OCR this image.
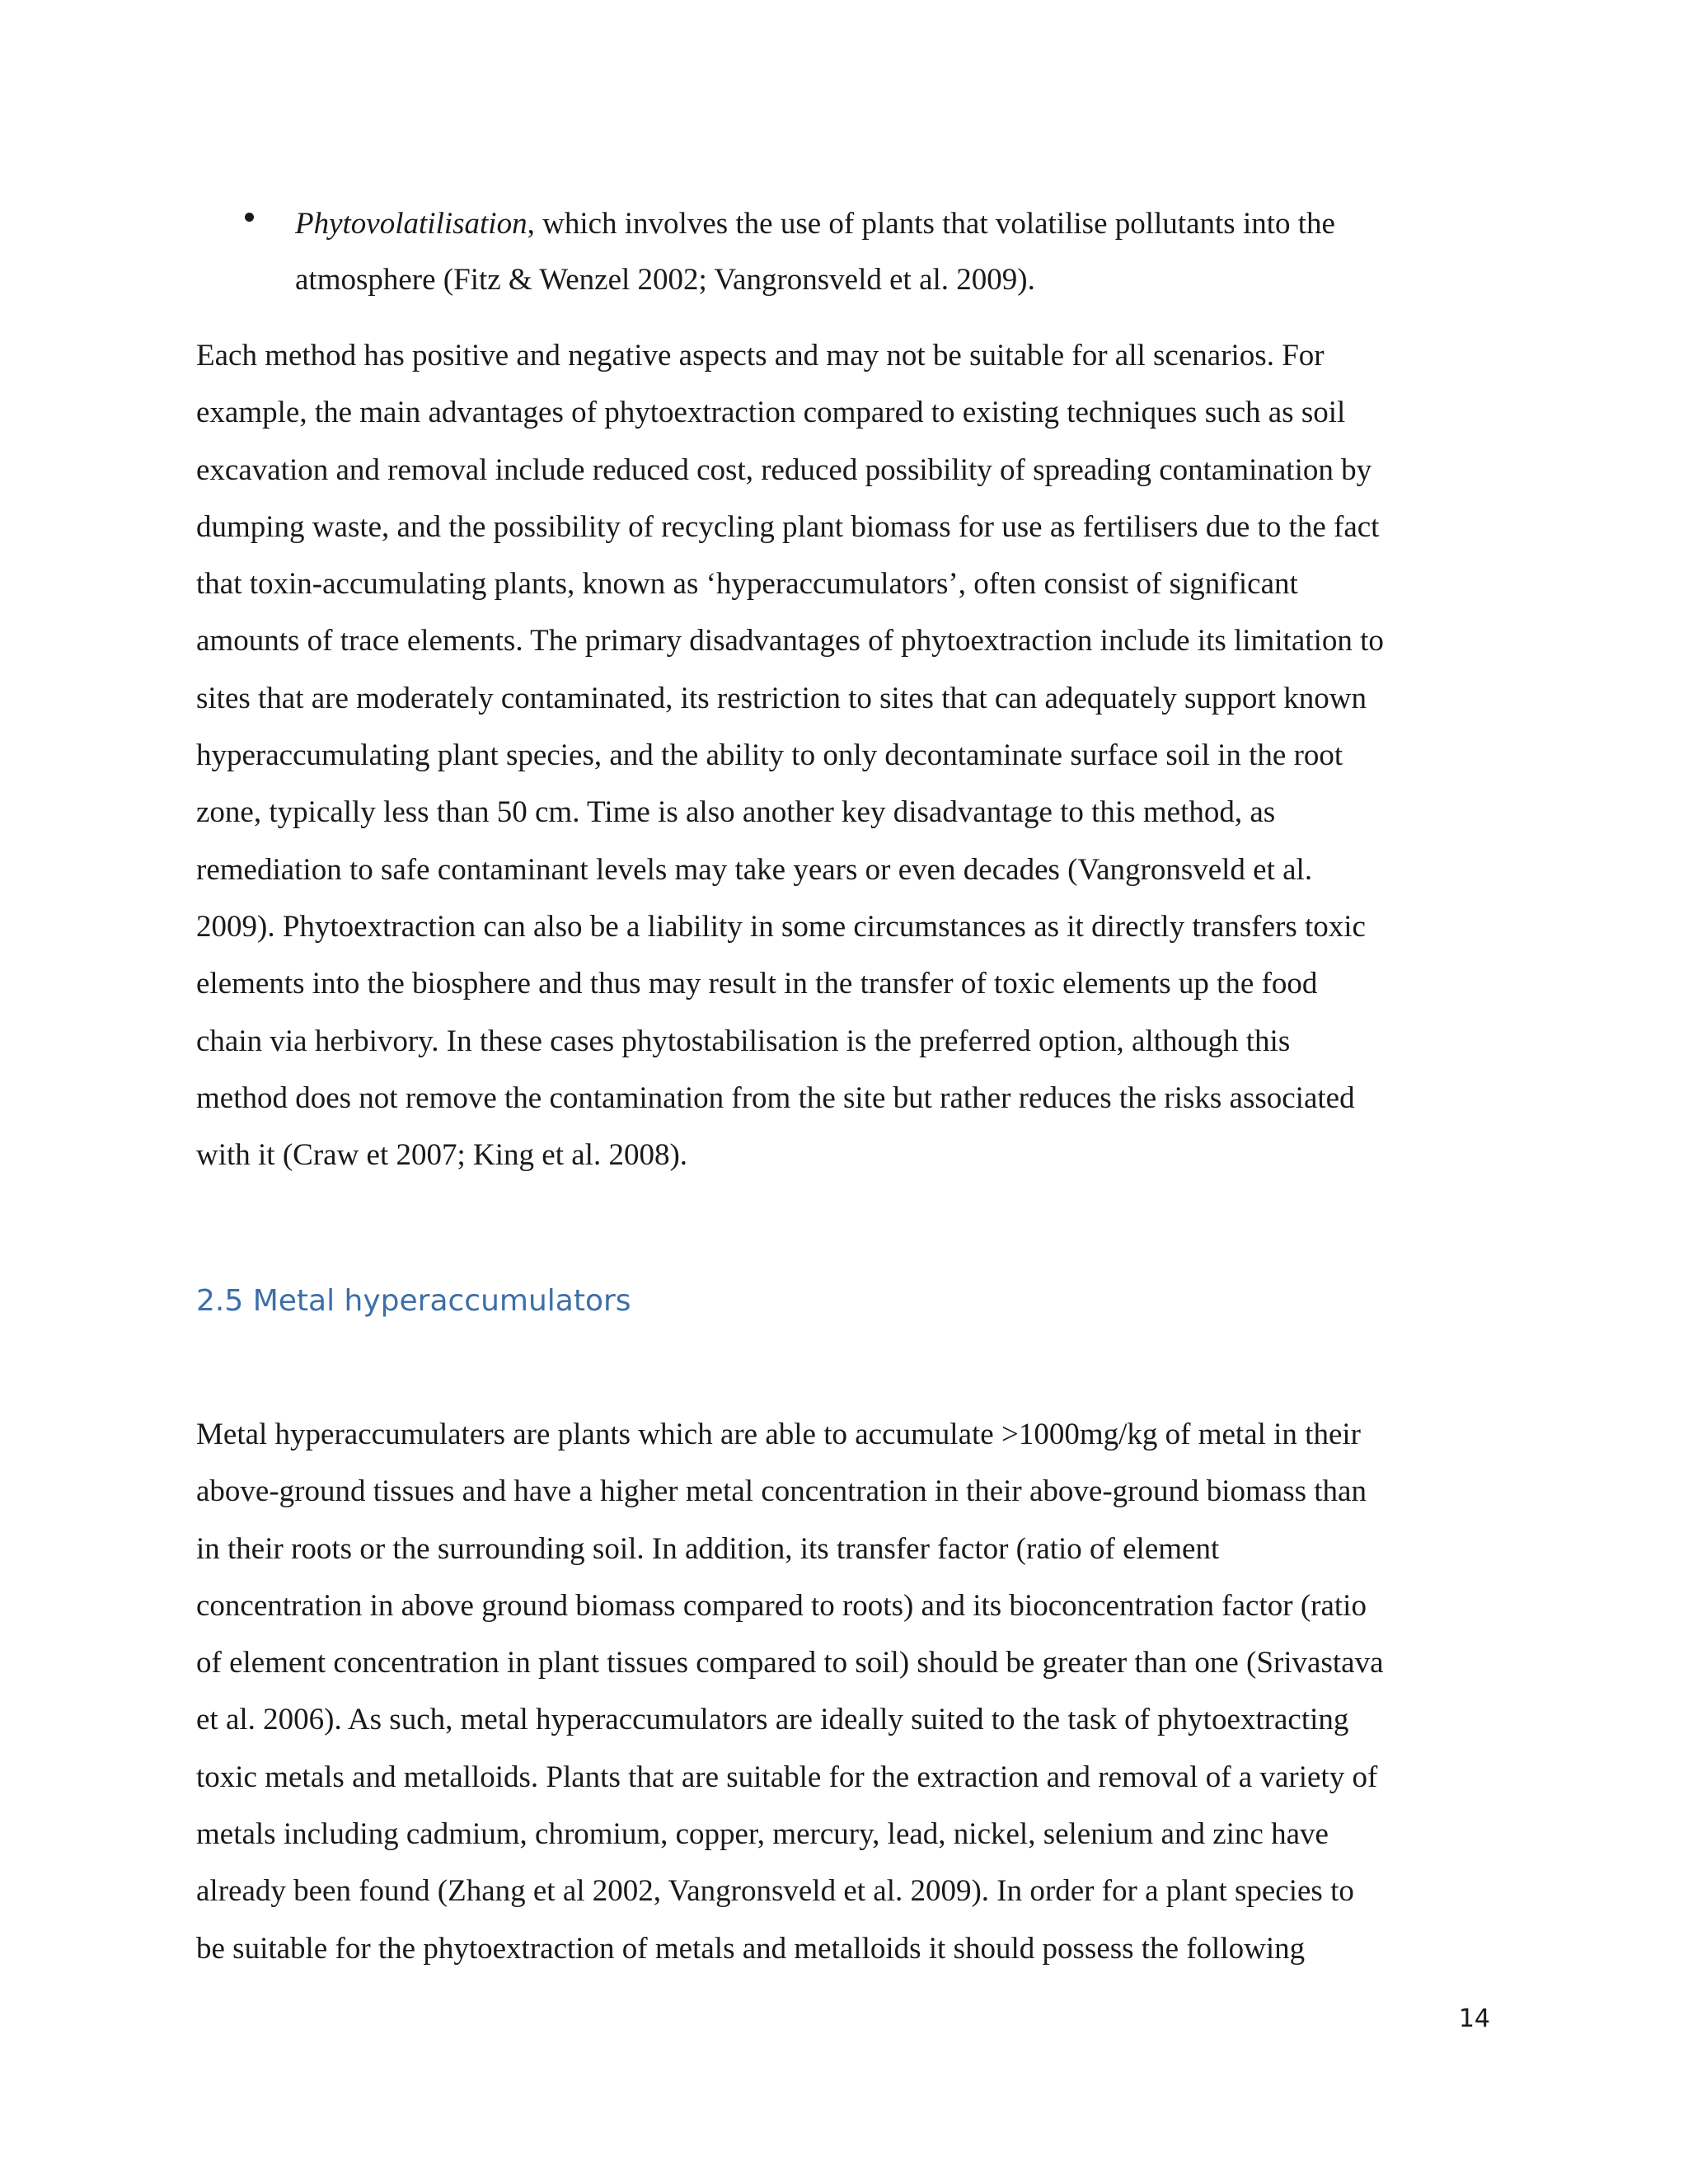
Phytovolatilisation, which involves the use of plants that volatilise pollutants into the
atmosphere (Fitz & Wenzel 2002; Vangronsveld et al. 2009).

Each method has positive and negative aspects and may not be suitable for all scenarios. For
example, the main advantages of phytoextraction compared to existing techniques such as soil
excavation and removal include reduced cost, reduced possibility of spreading contamination by
dumping waste, and the possibility of recycling plant biomass for use as fertilisers due to the fact
that toxin-accumulating plants, known as ‘hyperaccumulators’, often consist of significant
amounts of trace elements. The primary disadvantages of phytoextraction include its limitation to
sites that are moderately contaminated, its restriction to sites that can adequately support known
hyperaccumulating plant species, and the ability to only decontaminate surface soil in the root
zone, typically less than 50 cm. Time is also another key disadvantage to this method, as
remediation to safe contaminant levels may take years or even decades (Vangronsveld et al.
2009). Phytoextraction can also be a liability in some circumstances as it directly transfers toxic
elements into the biosphere and thus may result in the transfer of toxic elements up the food
chain via herbivory. In these cases phytostabilisation is the preferred option, although this
method does not remove the contamination from the site but rather reduces the risks associated
with it (Craw et 2007; King et al. 2008).

2.5 Metal hyperaccumulators

Metal hyperaccumulaters are plants which are able to accumulate >1000mg/kg of metal in their
above-ground tissues and have a higher metal concentration in their above-ground biomass than
in their roots or the surrounding soil. In addition, its transfer factor (ratio of element
concentration in above ground biomass compared to roots) and its bioconcentration factor (ratio
of element concentration in plant tissues compared to soil) should be greater than one (Srivastava
et al. 2006). As such, metal hyperaccumulators are ideally suited to the task of phytoextracting
toxic metals and metalloids. Plants that are suitable for the extraction and removal of a variety of
metals including cadmium, chromium, copper, mercury, lead, nickel, selenium and zinc have
already been found (Zhang et al 2002, Vangronsveld et al. 2009). In order for a plant species to
be suitable for the phytoextraction of metals and metalloids it should possess the following

14
